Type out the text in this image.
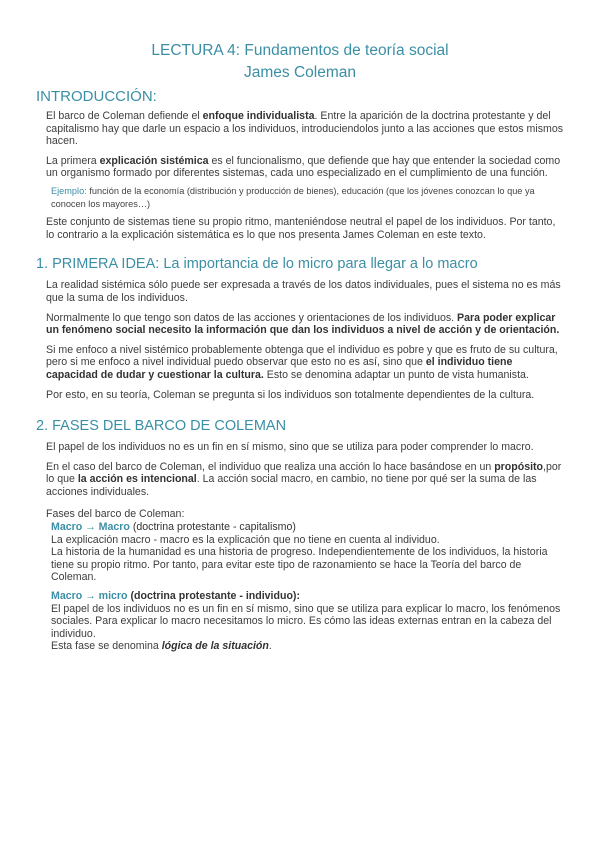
LECTURA 4: Fundamentos de teoría social

James Coleman

INTRODUCCIÓN:

El barco de Coleman defiende el enfoque individualista. Entre la aparición de la doctrina protestante y del capitalismo hay que darle un espacio a los individuos, introduciendolos junto a las acciones que estos mismos hacen.

La primera explicación sistémica es el funcionalismo, que defiende que hay que entender la sociedad como un organismo formado por diferentes sistemas, cada uno especializado en el cumplimiento de una función.

Ejemplo: función de la economía (distribución y producción de bienes), educación (que los jóvenes conozcan lo que ya conocen los mayores…)

Este conjunto de sistemas tiene su propio ritmo, manteniéndose neutral el papel de los individuos. Por tanto, lo contrario a la explicación sistemática es lo que nos presenta James Coleman en este texto.

1. PRIMERA IDEA: La importancia de lo micro para llegar a lo macro

La realidad sistémica sólo puede ser expresada a través de los datos individuales, pues el sistema no es más que la suma de los individuos.

Normalmente lo que tengo son datos de las acciones y orientaciones de los individuos. Para poder explicar un fenómeno social necesito la información que dan los individuos a nivel de acción y de orientación.

Si me enfoco a nivel sistémico probablemente obtenga que el individuo es pobre y que es fruto de su cultura, pero si me enfoco a nivel individual puedo observar que esto no es así, sino que el individuo tiene capacidad de dudar y cuestionar la cultura. Esto se denomina adaptar un punto de vista humanista.

Por esto, en su teoría, Coleman se pregunta si los individuos son totalmente dependientes de la cultura.

2. FASES DEL BARCO DE COLEMAN

El papel de los individuos no es un fin en sí mismo, sino que se utiliza para poder comprender lo macro.

En el caso del barco de Coleman, el individuo que realiza una acción lo hace basándose en un propósito,por lo que la acción es intencional. La acción social macro, en cambio, no tiene por qué ser la suma de las acciones individuales.

Fases del barco de Coleman:

Macro → Macro (doctrina protestante - capitalismo)

La explicación macro - macro es la explicación que no tiene en cuenta al individuo.

La historia de la humanidad es una historia de progreso. Independientemente de los individuos, la historia tiene su propio ritmo. Por tanto, para evitar este tipo de razonamiento se hace la Teoría del barco de Coleman.

Macro → micro (doctrina protestante - individuo):

El papel de los individuos no es un fin en sí mismo, sino que se utiliza para explicar lo macro, los fenómenos sociales. Para explicar lo macro necesitamos lo micro. Es cómo las ideas externas entran en la cabeza del individuo.

Esta fase se denomina lógica de la situación.
